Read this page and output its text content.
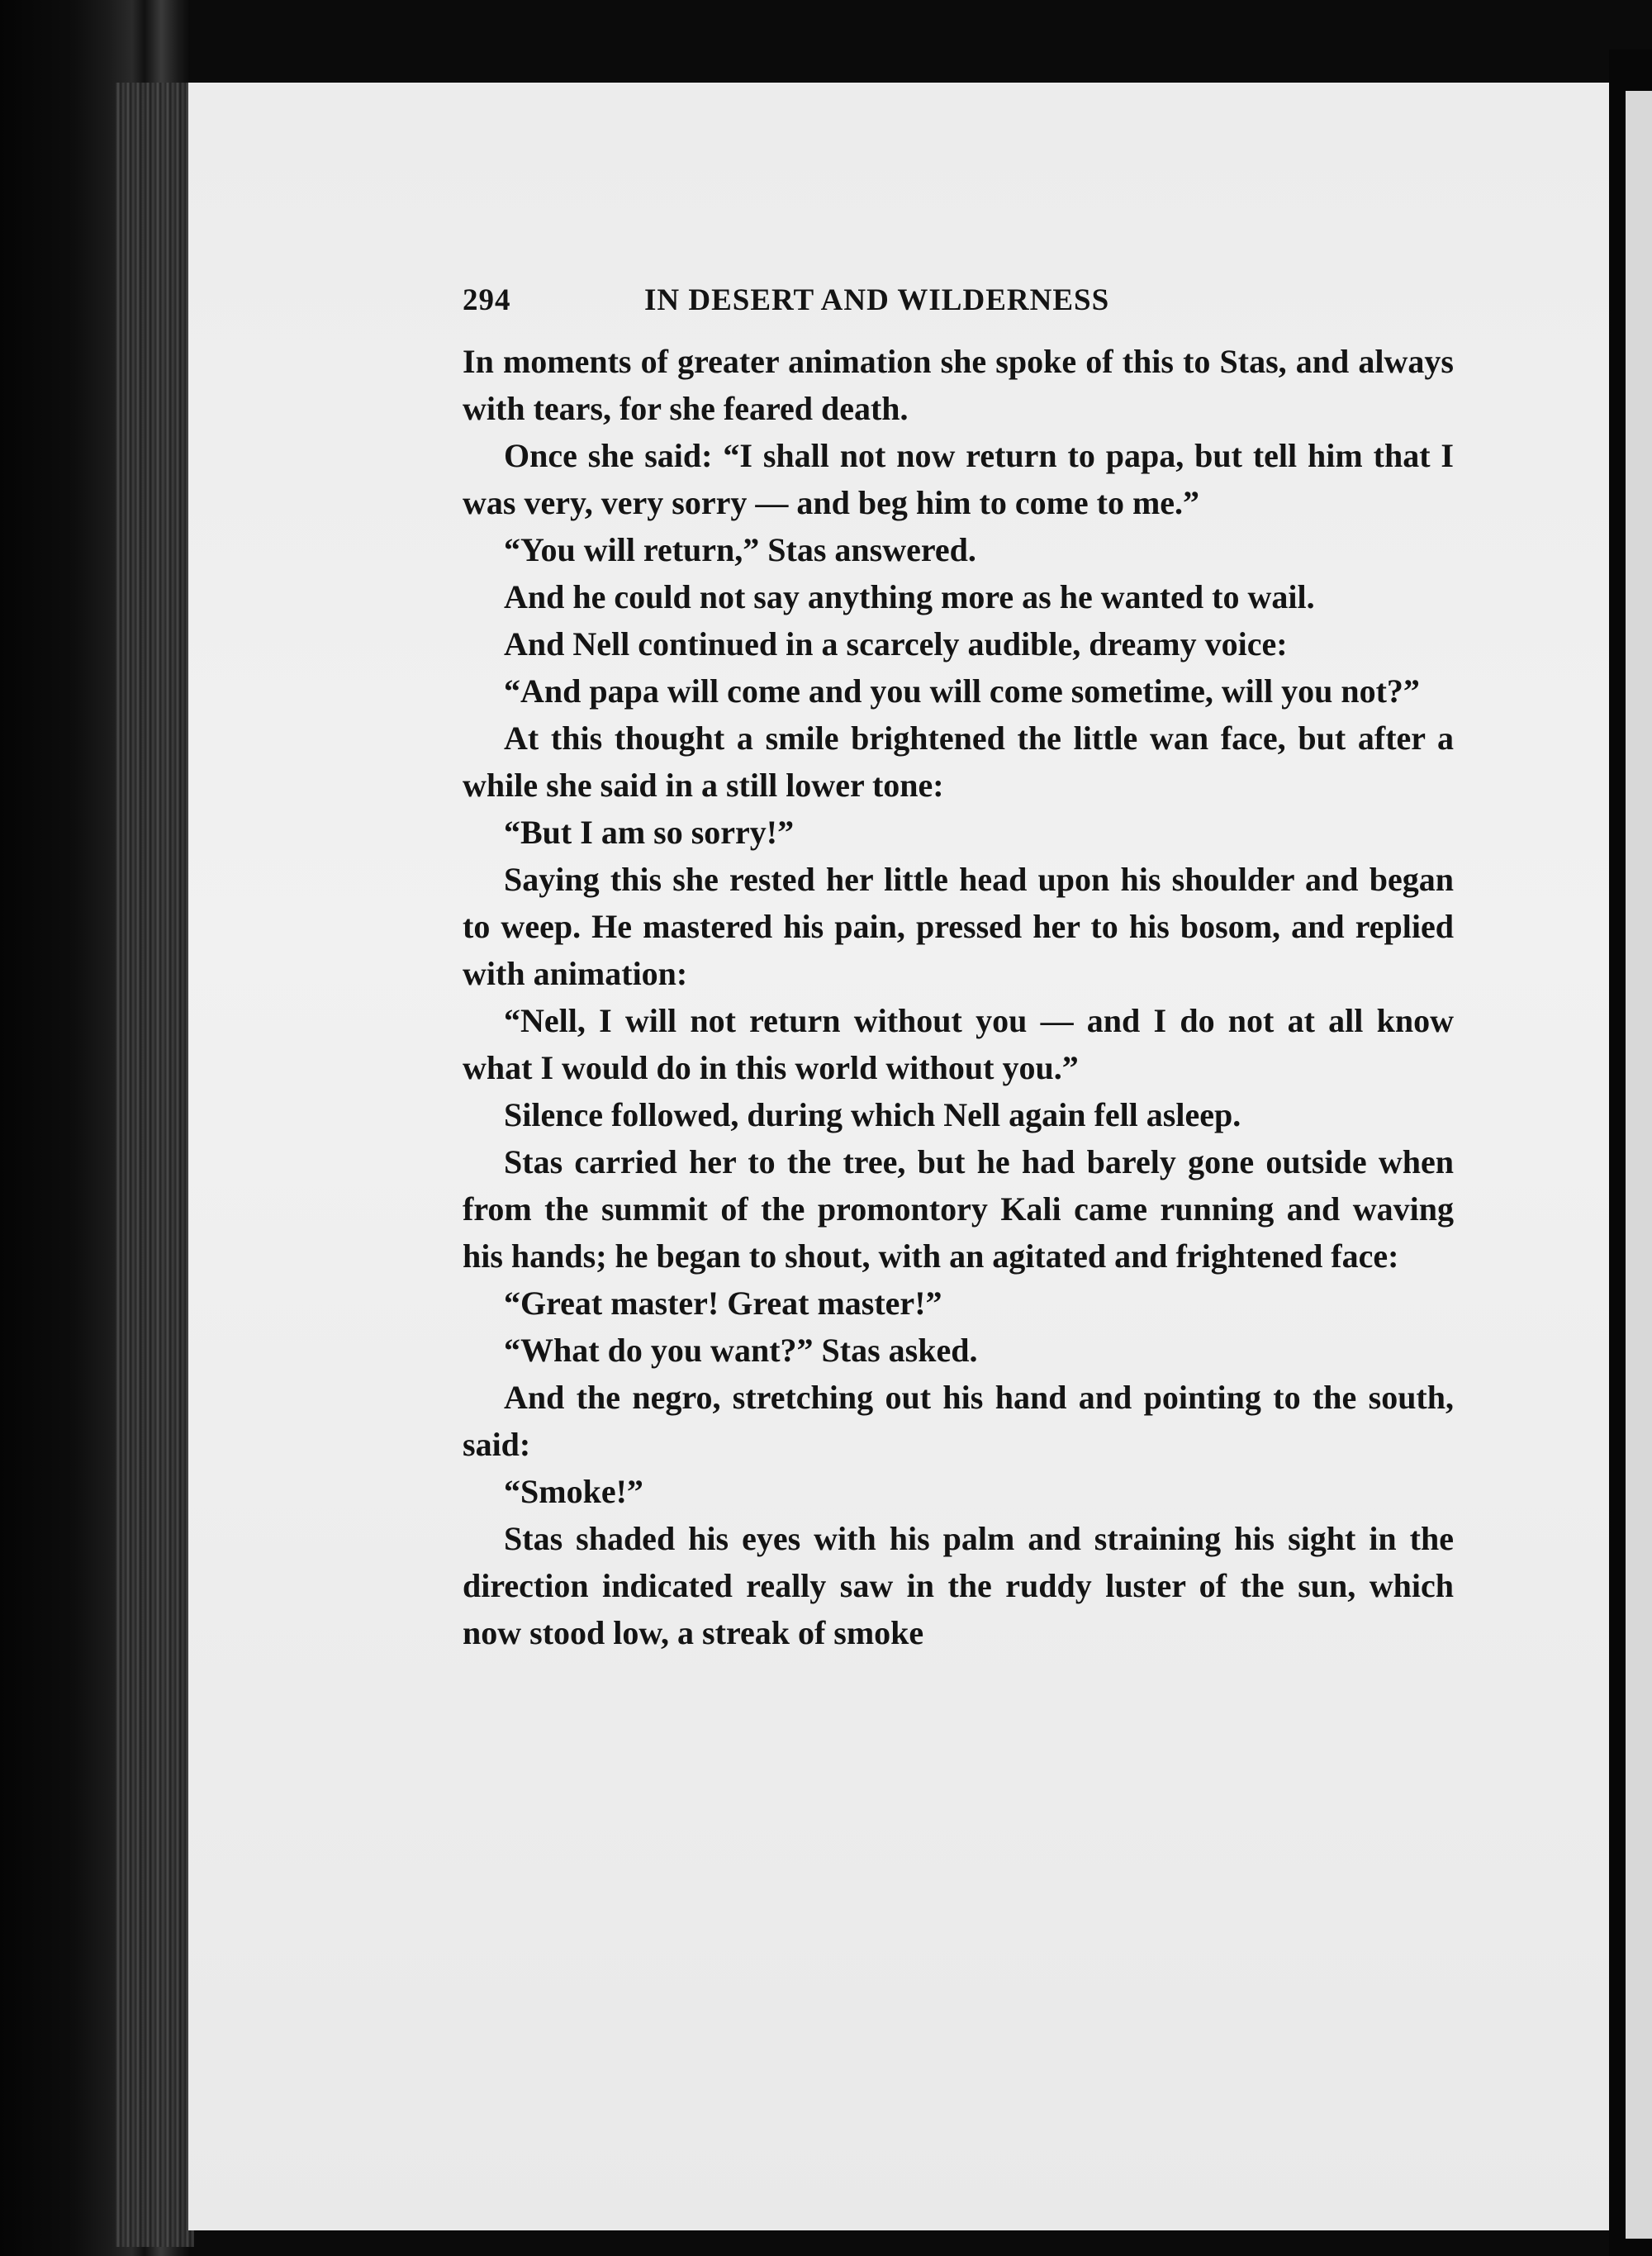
294	IN DESERT AND WILDERNESS

In moments of greater animation she spoke of this to Stas, and always with tears, for she feared death.

Once she said: “I shall not now return to papa, but tell him that I was very, very sorry — and beg him to come to me.”

“You will return,” Stas answered.

And he could not say anything more as he wanted to wail.

And Nell continued in a scarcely audible, dreamy voice:

“And papa will come and you will come sometime, will you not?”

At this thought a smile brightened the little wan face, but after a while she said in a still lower tone:

“But I am so sorry!”

Saying this she rested her little head upon his shoulder and began to weep. He mastered his pain, pressed her to his bosom, and replied with animation:

“Nell, I will not return without you — and I do not at all know what I would do in this world without you.”

Silence followed, during which Nell again fell asleep.

Stas carried her to the tree, but he had barely gone outside when from the summit of the promontory Kali came running and waving his hands; he began to shout, with an agitated and frightened face:

“Great master! Great master!”

“What do you want?” Stas asked.

And the negro, stretching out his hand and pointing to the south, said:

“Smoke!”

Stas shaded his eyes with his palm and straining his sight in the direction indicated really saw in the ruddy luster of the sun, which now stood low, a streak of smoke
